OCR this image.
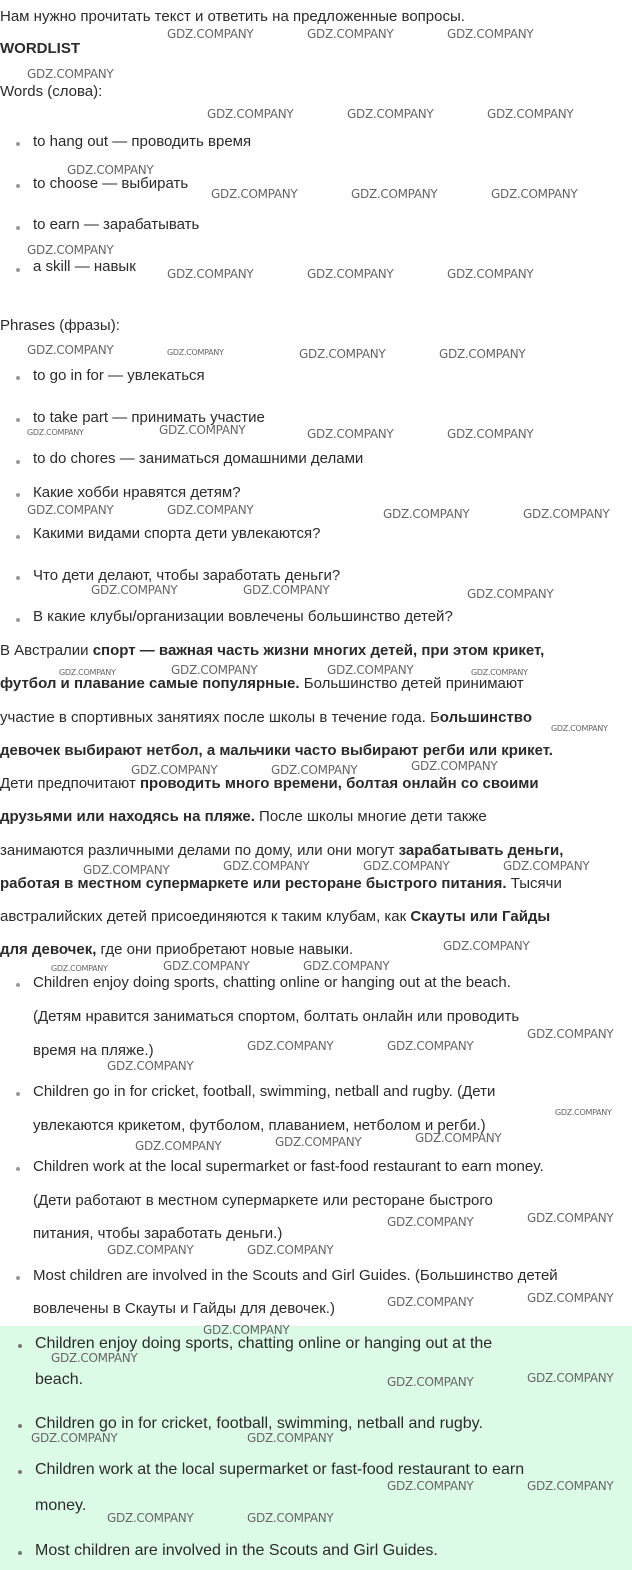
Нам нужно прочитать текст и ответить на предложенные вопросы.
WORDLIST
Words (слова):
to hang out — проводить время
to choose — выбирать
to earn — зарабатывать
a skill — навык
Phrases (фразы):
to go in for — увлекаться
to take part — принимать участие
to do chores — заниматься домашними делами
Какие хобби нравятся детям?
Какими видами спорта дети увлекаются?
Что дети делают, чтобы заработать деньги?
В какие клубы/организации вовлечены большинство детей?
В Австралии спорт — важная часть жизни многих детей, при этом крикет,
футбол и плавание самые популярные. Большинство детей принимают
участие в спортивных занятиях после школы в течение года. Большинство
девочек выбирают нетбол, а мальчики часто выбирают регби или крикет.
Дети предпочитают проводить много времени, болтая онлайн со своими
друзьями или находясь на пляже. После школы многие дети также
занимаются различными делами по дому, или они могут зарабатывать деньги,
работая в местном супермаркете или ресторане быстрого питания. Тысячи
австралийских детей присоединяются к таким клубам, как Скауты или Гайды
для девочек, где они приобретают новые навыки.
Children enjoy doing sports, chatting online or hanging out at the beach.
(Детям нравится заниматься спортом, болтать онлайн или проводить
время на пляже.)
Children go in for cricket, football, swimming, netball and rugby. (Дети
увлекаются крикетом, футболом, плаванием, нетболом и регби.)
Children work at the local supermarket or fast-food restaurant to earn money.
(Дети работают в местном супермаркете или ресторане быстрого
питания, чтобы заработать деньги.)
Most children are involved in the Scouts and Girl Guides. (Большинство детей
вовлечены в Скауты и Гайды для девочек.)
Children enjoy doing sports, chatting online or hanging out at the
beach.
Children go in for cricket, football, swimming, netball and rugby.
Children work at the local supermarket or fast-food restaurant to earn
money.
Most children are involved in the Scouts and Girl Guides.
GDZ.COMPANY	GDZ.COMPANY	GDZ.COMPANY
GDZ.COMPANY
GDZ.COMPANY	GDZ.COMPANY	GDZ.COMPANY
GDZ.COMPANY
GDZ.COMPANY	GDZ.COMPANY	GDZ.COMPANY
GDZ.COMPANY
GDZ.COMPANY	GDZ.COMPANY	GDZ.COMPANY
GDZ.COMPANY	GDZ.COMPANY	GDZ.COMPANY	GDZ.COMPANY
GDZ.COMPANY	GDZ.COMPANY	GDZ.COMPANY	GDZ.COMPANY
GDZ.COMPANY	GDZ.COMPANY	GDZ.COMPANY	GDZ.COMPANY
GDZ.COMPANY	GDZ.COMPANY	GDZ.COMPANY
GDZ.COMPANY	GDZ.COMPANY	GDZ.COMPANY	GDZ.COMPANY
GDZ.COMPANY
GDZ.COMPANY	GDZ.COMPANY	GDZ.COMPANY
GDZ.COMPANY	GDZ.COMPANY	GDZ.COMPANY	GDZ.COMPANY
GDZ.COMPANY
GDZ.COMPANY	GDZ.COMPANY	GDZ.COMPANY
GDZ.COMPANY
GDZ.COMPANY	GDZ.COMPANY
GDZ.COMPANY
GDZ.COMPANY
GDZ.COMPANY	GDZ.COMPANY
GDZ.COMPANY
GDZ.COMPANY
GDZ.COMPANY
GDZ.COMPANY	GDZ.COMPANY
GDZ.COMPANY
GDZ.COMPANY
GDZ.COMPANY
GDZ.COMPANY
GDZ.COMPANY
GDZ.COMPANY
GDZ.COMPANY	GDZ.COMPANY
GDZ.COMPANY	GDZ.COMPANY
GDZ.COMPANY	GDZ.COMPANY
